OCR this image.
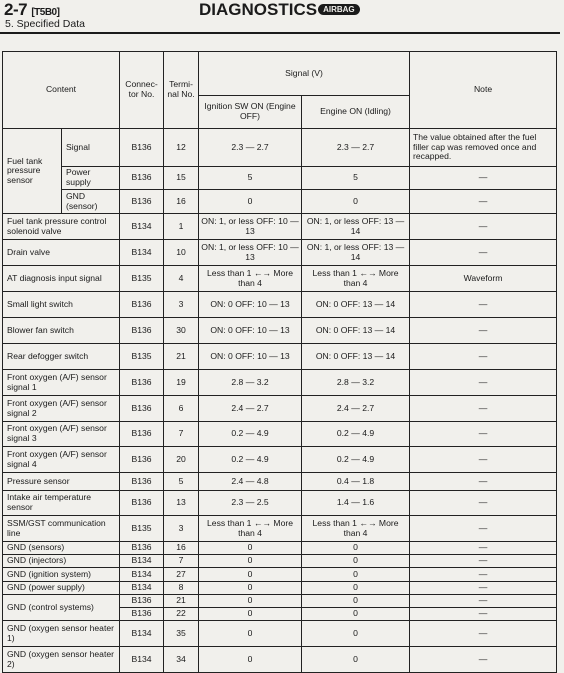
2-7 [T5B0]
5. Specified Data
DIAGNOSTICS AIRBAG
Content		Connec-tor No.	Termi-nal No.	Signal (V)		Note
				Ignition SW ON (Engine OFF)	Engine ON (Idling)	
Fuel tank pressure sensor	Signal	B136	12	2.3 — 2.7	2.3 — 2.7	The value obtained after the fuel filler cap was removed once and recapped.
	Power supply	B136	15	5	5	—
	GND (sensor)	B136	16	0	0	—
Fuel tank pressure control solenoid valve		B134	1	ON: 1, or less OFF: 10 — 13	ON: 1, or less OFF: 13 — 14	—
Drain valve		B134	10	ON: 1, or less OFF: 10 — 13	ON: 1, or less OFF: 13 — 14	—
AT diagnosis input signal		B135	4	Less than 1 ←→ More than 4	Less than 1 ←→ More than 4	Waveform
Small light switch		B136	3	ON: 0 OFF: 10 — 13	ON: 0 OFF: 13 — 14	—
Blower fan switch		B136	30	ON: 0 OFF: 10 — 13	ON: 0 OFF: 13 — 14	—
Rear defogger switch		B135	21	ON: 0 OFF: 10 — 13	ON: 0 OFF: 13 — 14	—
Front oxygen (A/F) sensor signal 1		B136	19	2.8 — 3.2	2.8 — 3.2	—
Front oxygen (A/F) sensor signal 2		B136	6	2.4 — 2.7	2.4 — 2.7	—
Front oxygen (A/F) sensor signal 3		B136	7	0.2 — 4.9	0.2 — 4.9	—
Front oxygen (A/F) sensor signal 4		B136	20	0.2 — 4.9	0.2 — 4.9	—
Pressure sensor		B136	5	2.4 — 4.8	0.4 — 1.8	—
Intake air temperature sensor		B136	13	2.3 — 2.5	1.4 — 1.6	—
SSM/GST communication line		B135	3	Less than 1 ←→ More than 4	Less than 1 ←→ More than 4	—
GND (sensors)		B136	16	0	0	—
GND (injectors)		B134	7	0	0	—
GND (ignition system)		B134	27	0	0	—
GND (power supply)		B134	8	0	0	—
GND (control systems)		B136	21	0	0	—
		B136	22	0	0	—
GND (oxygen sensor heater 1)		B134	35	0	0	—
GND (oxygen sensor heater 2)		B134	34	0	0	—
